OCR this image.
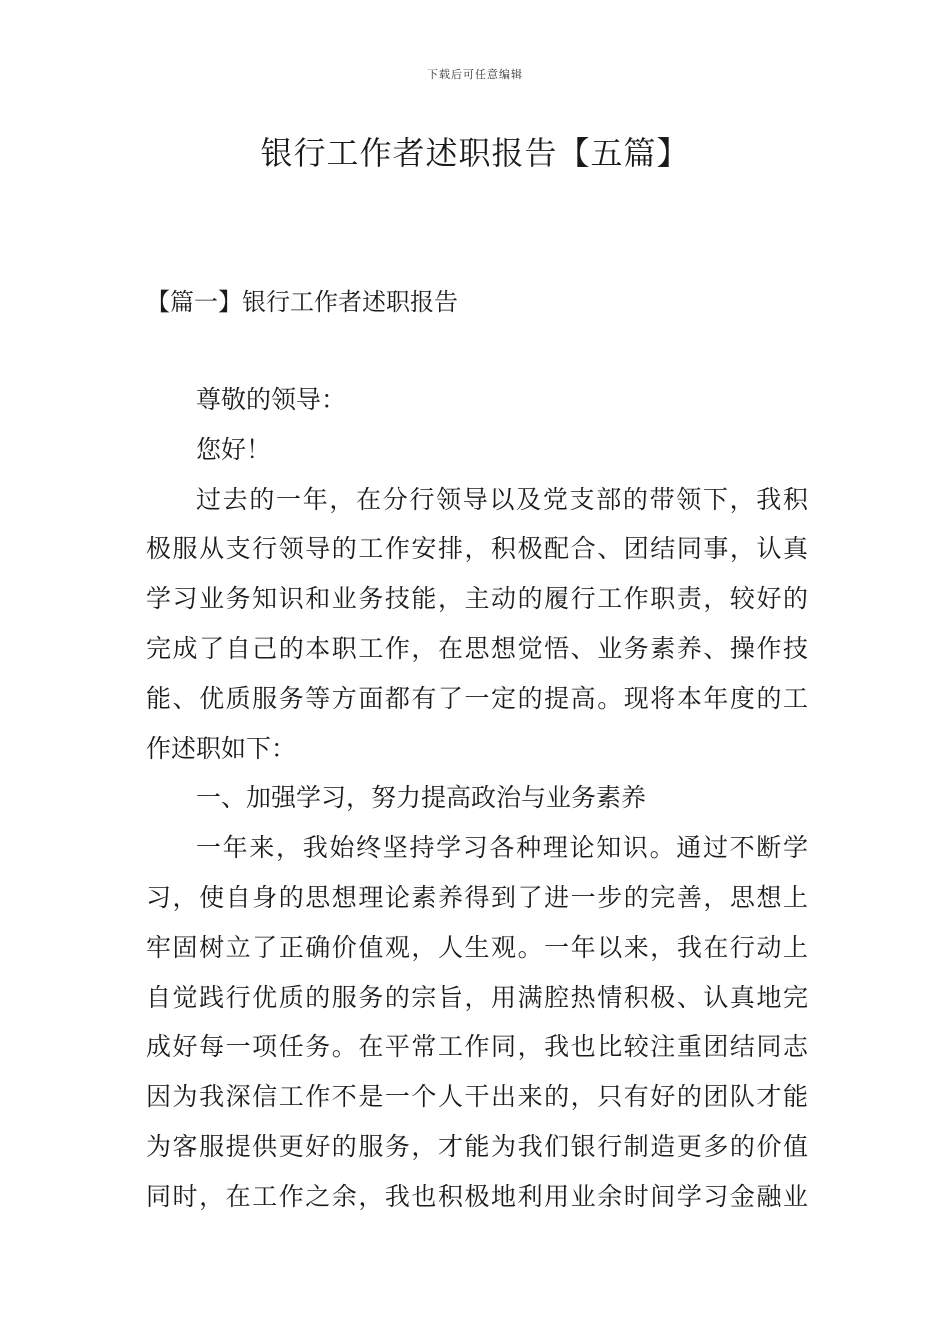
下载后可任意编辑
银行工作者述职报告【五篇】
【篇一】银行工作者述职报告
尊敬的领导：
您好！
过去的一年，在分行领导以及党支部的带领下，我积
极服从支行领导的工作安排，积极配合、团结同事，认真
学习业务知识和业务技能，主动的履行工作职责，较好的
完成了自己的本职工作，在思想觉悟、业务素养、操作技
能、优质服务等方面都有了一定的提高。现将本年度的工
作述职如下：
一、加强学习，努力提高政治与业务素养
一年来，我始终坚持学习各种理论知识。通过不断学
习，使自身的思想理论素养得到了进一步的完善，思想上
牢固树立了正确价值观，人生观。一年以来，我在行动上
自觉践行优质的服务的宗旨，用满腔热情积极、认真地完
成好每一项任务。在平常工作同，我也比较注重团结同志
因为我深信工作不是一个人干出来的，只有好的团队才能
为客服提供更好的服务，才能为我们银行制造更多的价值
同时，在工作之余，我也积极地利用业余时间学习金融业
